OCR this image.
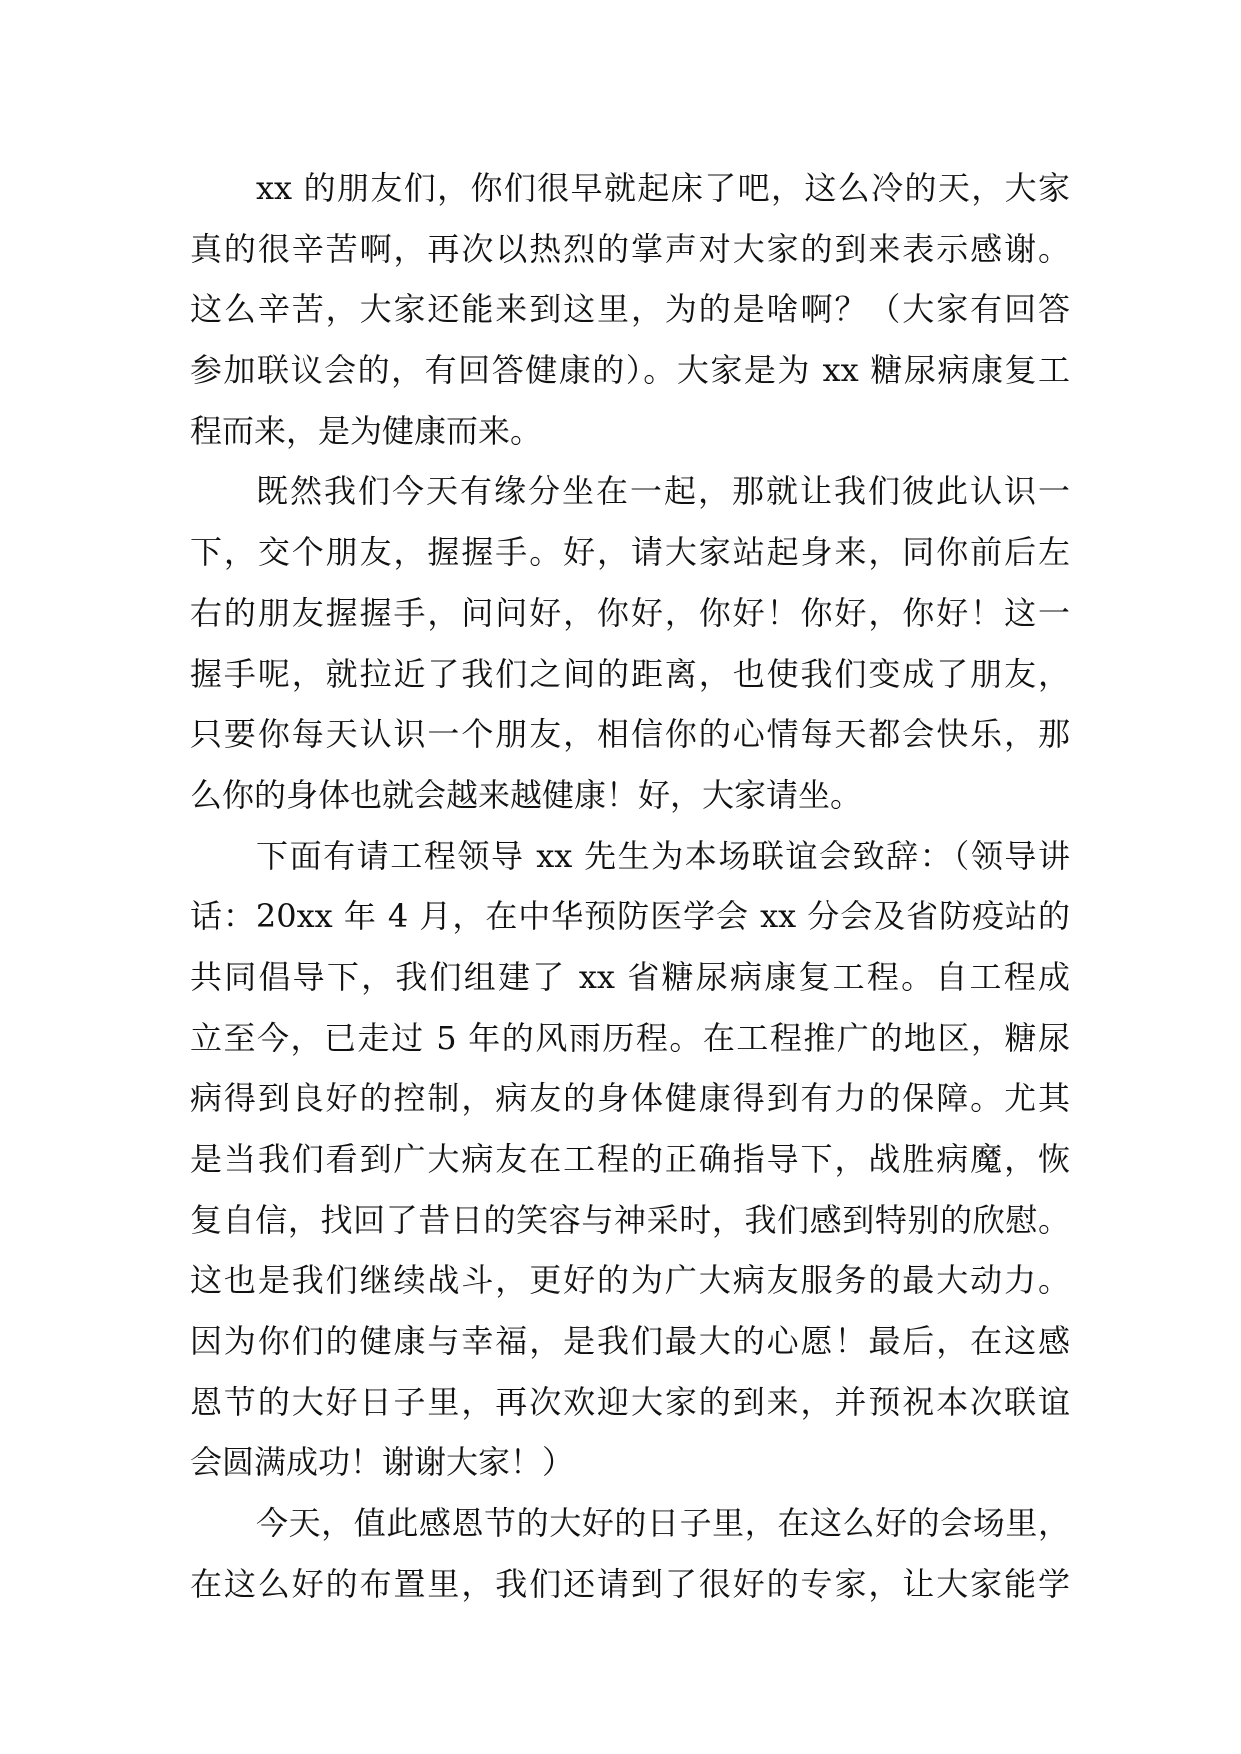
xx 的朋友们，你们很早就起床了吧，这么冷的天，大家
真的很辛苦啊，再次以热烈的掌声对大家的到来表示感谢。
这么辛苦，大家还能来到这里，为的是啥啊？（大家有回答
参加联议会的，有回答健康的）。大家是为 xx 糖尿病康复工
程而来，是为健康而来。
既然我们今天有缘分坐在一起，那就让我们彼此认识一
下，交个朋友，握握手。好，请大家站起身来，同你前后左
右的朋友握握手，问问好，你好，你好！你好，你好！这一
握手呢，就拉近了我们之间的距离，也使我们变成了朋友，
只要你每天认识一个朋友，相信你的心情每天都会快乐，那
么你的身体也就会越来越健康！好，大家请坐。
下面有请工程领导 xx 先生为本场联谊会致辞：（领导讲
话：20xx 年 4 月，在中华预防医学会 xx 分会及省防疫站的
共同倡导下，我们组建了 xx 省糖尿病康复工程。自工程成
立至今，已走过 5 年的风雨历程。在工程推广的地区，糖尿
病得到良好的控制，病友的身体健康得到有力的保障。尤其
是当我们看到广大病友在工程的正确指导下，战胜病魔，恢
复自信，找回了昔日的笑容与神采时，我们感到特别的欣慰。
这也是我们继续战斗，更好的为广大病友服务的最大动力。
因为你们的健康与幸福，是我们最大的心愿！最后，在这感
恩节的大好日子里，再次欢迎大家的到来，并预祝本次联谊
会圆满成功！谢谢大家！）
今天，值此感恩节的大好的日子里，在这么好的会场里，
在这么好的布置里，我们还请到了很好的专家，让大家能学
